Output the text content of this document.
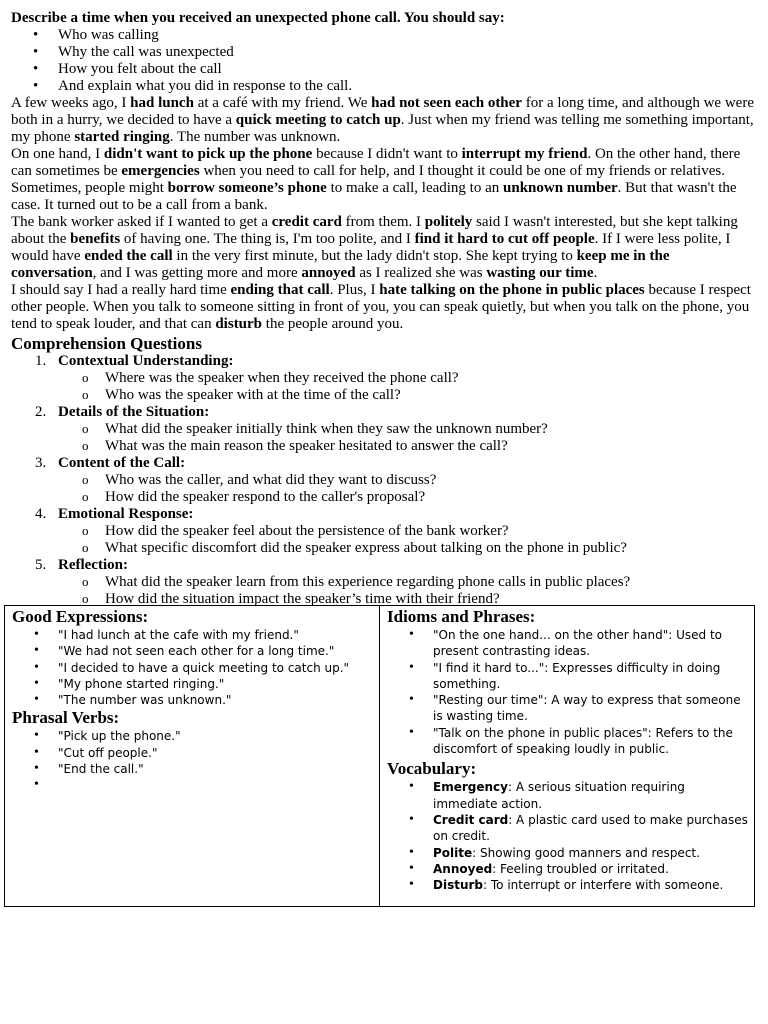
Describe a time when you received an unexpected phone call. You should say:

• Who was calling
• Why the call was unexpected
• How you felt about the call
• And explain what you did in response to the call.

A few weeks ago, I had lunch at a café with my friend. We had not seen each other for a long time, and although we were both in a hurry, we decided to have a quick meeting to catch up. Just when my friend was telling me something important, my phone started ringing. The number was unknown.

On one hand, I didn't want to pick up the phone because I didn't want to interrupt my friend. On the other hand, there can sometimes be emergencies when you need to call for help, and I thought it could be one of my friends or relatives. Sometimes, people might borrow someone’s phone to make a call, leading to an unknown number. But that wasn't the case. It turned out to be a call from a bank.

The bank worker asked if I wanted to get a credit card from them. I politely said I wasn't interested, but she kept talking about the benefits of having one. The thing is, I'm too polite, and I find it hard to cut off people. If I were less polite, I would have ended the call in the very first minute, but the lady didn't stop. She kept trying to keep me in the conversation, and I was getting more and more annoyed as I realized she was wasting our time.

I should say I had a really hard time ending that call. Plus, I hate talking on the phone in public places because I respect other people. When you talk to someone sitting in front of you, you can speak quietly, but when you talk on the phone, you tend to speak louder, and that can disturb the people around you.

Comprehension Questions
1. Contextual Understanding:
o Where was the speaker when they received the phone call?
o Who was the speaker with at the time of the call?
2. Details of the Situation:
o What did the speaker initially think when they saw the unknown number?
o What was the main reason the speaker hesitated to answer the call?
3. Content of the Call:
o Who was the caller, and what did they want to discuss?
o How did the speaker respond to the caller's proposal?
4. Emotional Response:
o How did the speaker feel about the persistence of the bank worker?
o What specific discomfort did the speaker express about talking on the phone in public?
5. Reflection:
o What did the speaker learn from this experience regarding phone calls in public places?
o How did the situation impact the speaker’s time with their friend?
Good Expressions:
• "I had lunch at the cafe with my friend."
• "We had not seen each other for a long time."
• "I decided to have a quick meeting to catch up."
• "My phone started ringing."
• "The number was unknown."
Phrasal Verbs:
• "Pick up the phone."
• "Cut off people."
• "End the call."
•
Idioms and Phrases:
• "On the one hand... on the other hand": Used to present contrasting ideas.
• "I find it hard to...": Expresses difficulty in doing something.
• "Resting our time": A way to express that someone is wasting time.
• "Talk on the phone in public places": Refers to the discomfort of speaking loudly in public.
Vocabulary:
• Emergency: A serious situation requiring immediate action.
• Credit card: A plastic card used to make purchases on credit.
• Polite: Showing good manners and respect.
• Annoyed: Feeling troubled or irritated.
• Disturb: To interrupt or interfere with someone.
